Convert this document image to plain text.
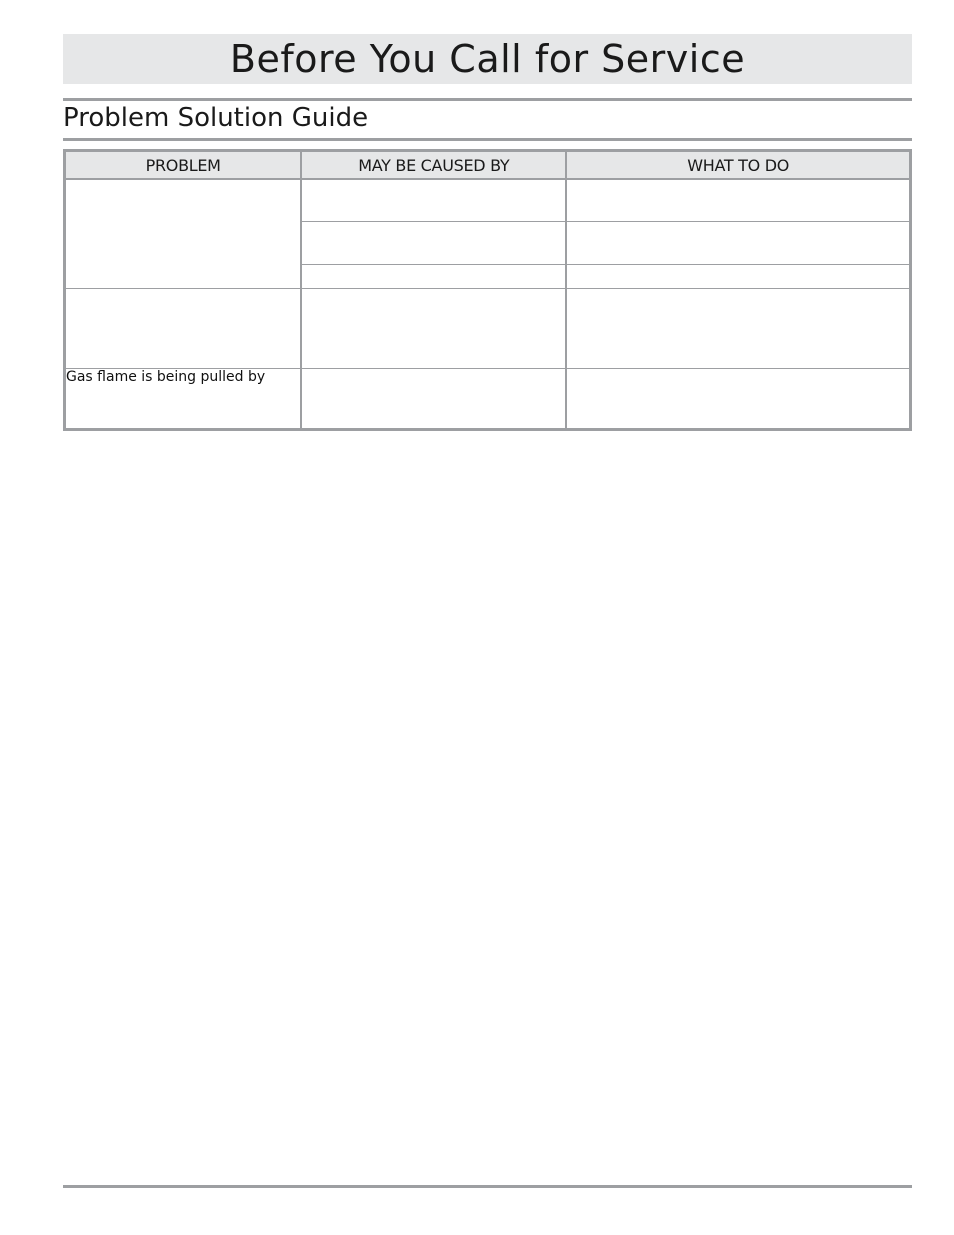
Before You Call for Service
Problem Solution Guide
PROBLEM	MAY BE CAUSED BY	WHAT TO DO

Gas flame is being pulled by		
